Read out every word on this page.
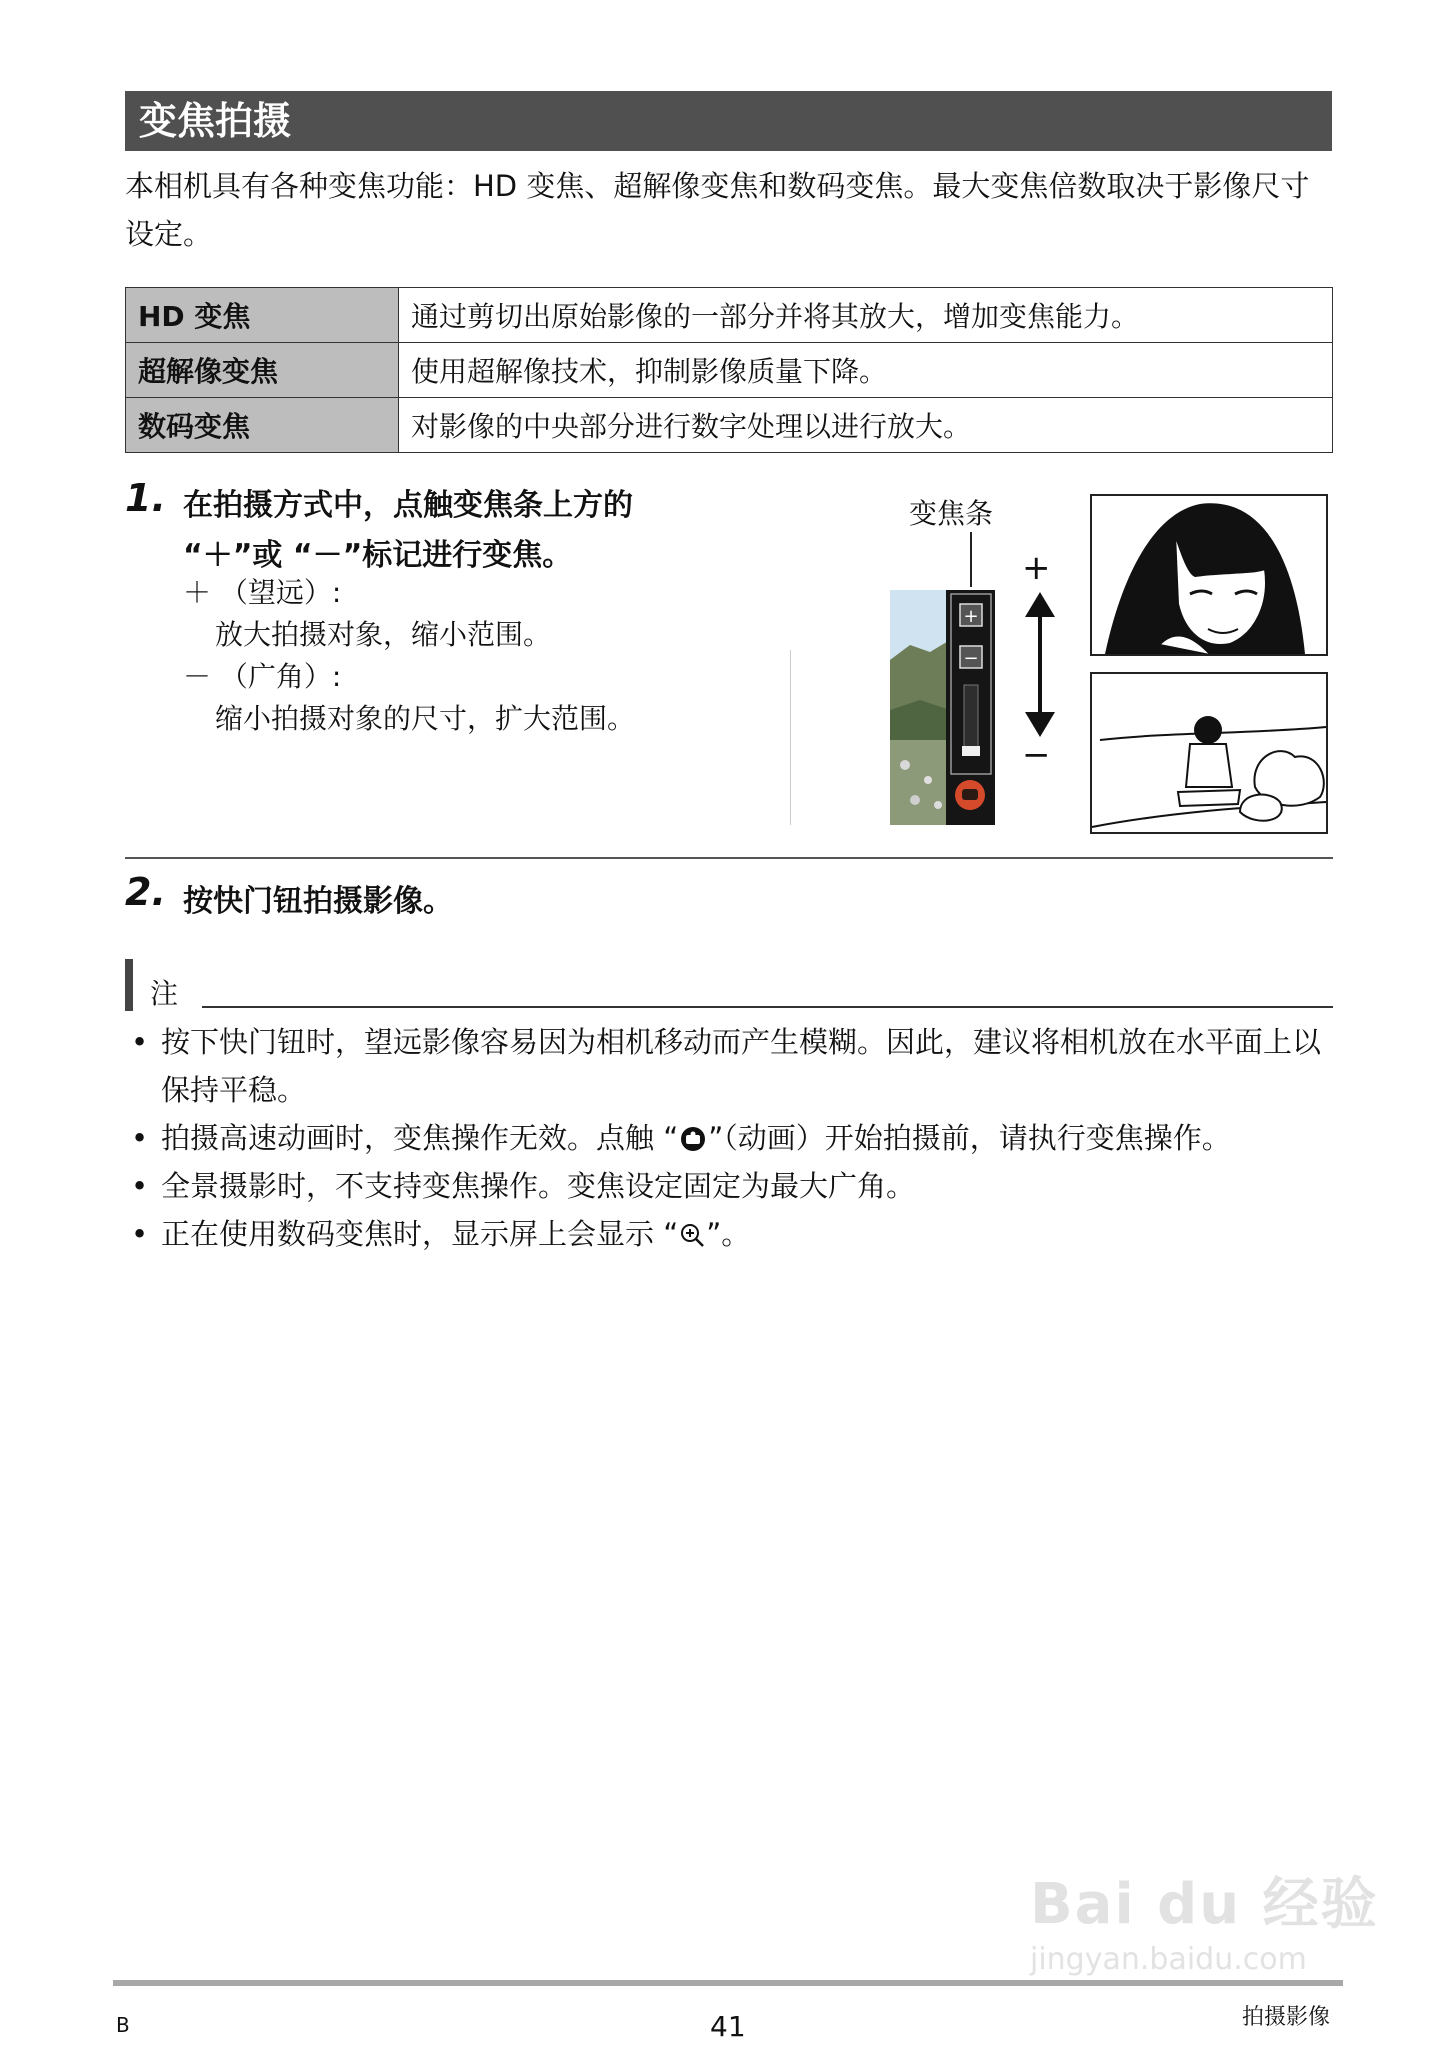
变焦拍摄
本相机具有各种变焦功能：HD 变焦、超解像变焦和数码变焦。最大变焦倍数取决于影像尺寸设定。
HD 变焦	通过剪切出原始影像的一部分并将其放大，增加变焦能力。
超解像变焦	使用超解像技术，抑制影像质量下降。
数码变焦	对影像的中央部分进行数字处理以进行放大。
1. 在拍摄方式中，点触变焦条上方的
“＋”或 “－”标记进行变焦。
＋ （望远）:
放大拍摄对象，缩小范围。
－ （广角）:
缩小拍摄对象的尺寸，扩大范围。
变焦条
+
−
+
−
2. 按快门钮拍摄影像。
注
• 按下快门钮时，望远影像容易因为相机移动而产生模糊。因此，建议将相机放在水平面上以保持平稳。
• 拍摄高速动画时，变焦操作无效。点触 “ ”（动画）开始拍摄前，请执行变焦操作。
• 全景摄影时，不支持变焦操作。变焦设定固定为最大广角。
• 正在使用数码变焦时，显示屏上会显示 “ ”。
Bai du 经验
jingyan.baidu.com
B	41	拍摄影像
